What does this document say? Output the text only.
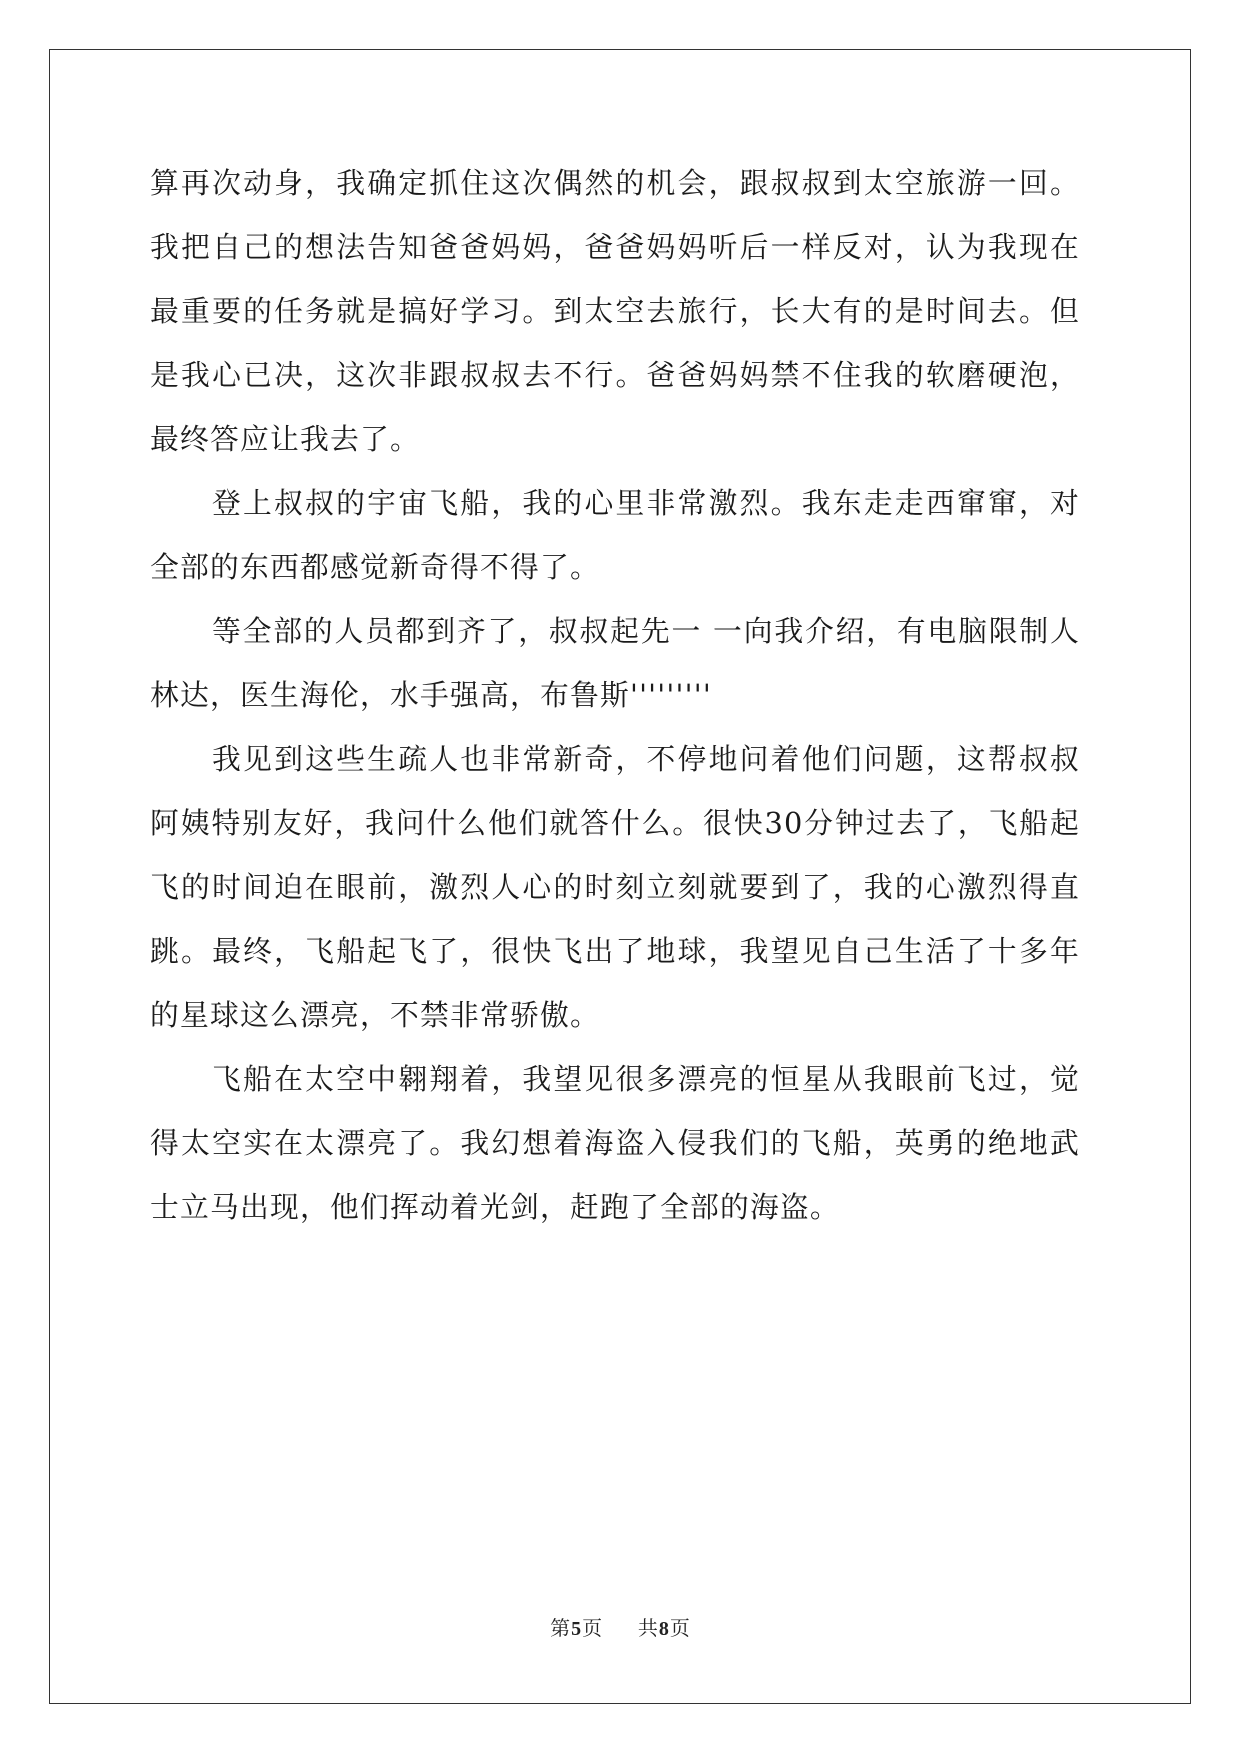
算再次动身，我确定抓住这次偶然的机会，跟叔叔到太空旅游一回。
我把自己的想法告知爸爸妈妈，爸爸妈妈听后一样反对，认为我现在
最重要的任务就是搞好学习。到太空去旅行，长大有的是时间去。但
是我心已决，这次非跟叔叔去不行。爸爸妈妈禁不住我的软磨硬泡，
最终答应让我去了。

登上叔叔的宇宙飞船，我的心里非常激烈。我东走走西窜窜，对
全部的东西都感觉新奇得不得了。

等全部的人员都到齐了，叔叔起先一 一向我介绍，有电脑限制人
林达，医生海伦，水手强高，布鲁斯'''''''''

我见到这些生疏人也非常新奇，不停地问着他们问题，这帮叔叔
阿姨特别友好，我问什么他们就答什么。很快30分钟过去了，飞船起
飞的时间迫在眼前，激烈人心的时刻立刻就要到了，我的心激烈得直
跳。最终，飞船起飞了，很快飞出了地球，我望见自己生活了十多年
的星球这么漂亮，不禁非常骄傲。

飞船在太空中翱翔着，我望见很多漂亮的恒星从我眼前飞过，觉
得太空实在太漂亮了。我幻想着海盗入侵我们的飞船，英勇的绝地武
士立马出现，他们挥动着光剑，赶跑了全部的海盗。

第5页 共8页
